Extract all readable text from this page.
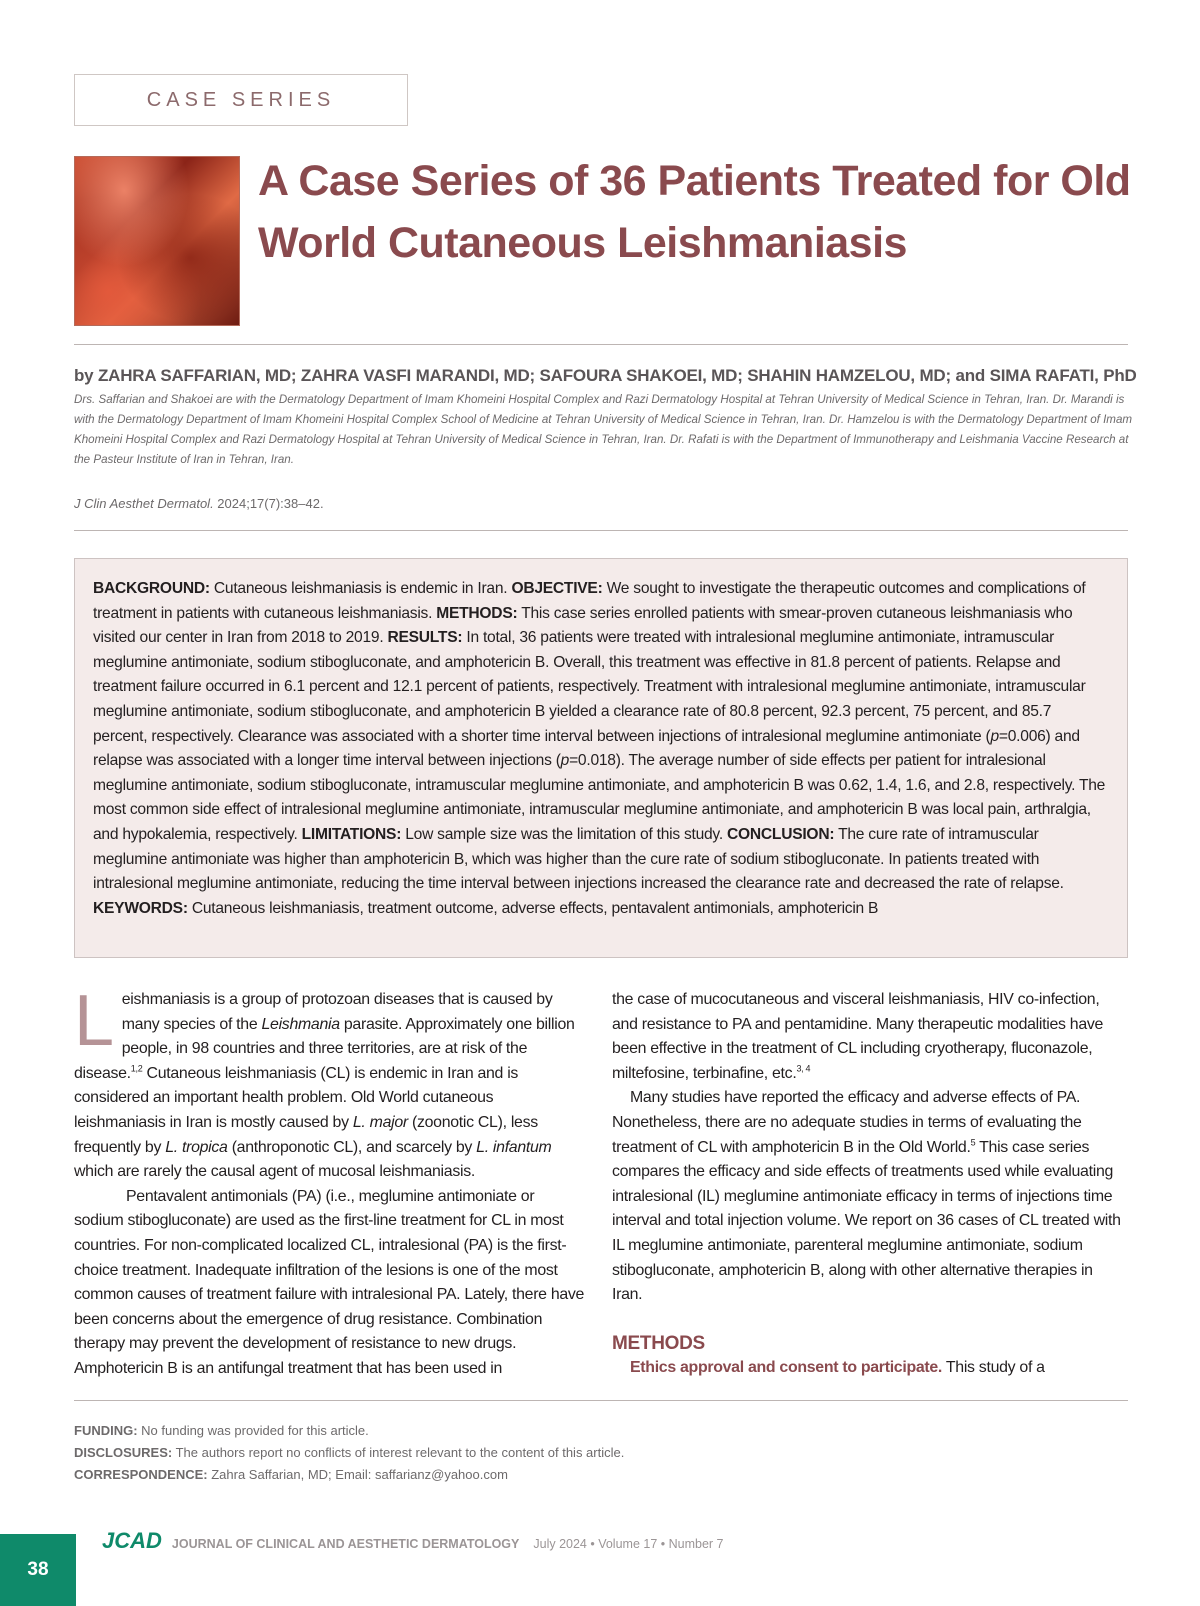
CASE SERIES
A Case Series of 36 Patients Treated for Old World Cutaneous Leishmaniasis
by ZAHRA SAFFARIAN, MD; ZAHRA VASFI MARANDI, MD; SAFOURA SHAKOEI, MD; SHAHIN HAMZELOU, MD; and SIMA RAFATI, PhD
Drs. Saffarian and Shakoei are with the Dermatology Department of Imam Khomeini Hospital Complex and Razi Dermatology Hospital at Tehran University of Medical Science in Tehran, Iran. Dr. Marandi is with the Dermatology Department of Imam Khomeini Hospital Complex School of Medicine at Tehran University of Medical Science in Tehran, Iran. Dr. Hamzelou is with the Dermatology Department of Imam Khomeini Hospital Complex and Razi Dermatology Hospital at Tehran University of Medical Science in Tehran, Iran. Dr. Rafati is with the Department of Immunotherapy and Leishmania Vaccine Research at the Pasteur Institute of Iran in Tehran, Iran.
J Clin Aesthet Dermatol. 2024;17(7):38–42.
BACKGROUND: Cutaneous leishmaniasis is endemic in Iran. OBJECTIVE: We sought to investigate the therapeutic outcomes and complications of treatment in patients with cutaneous leishmaniasis. METHODS: This case series enrolled patients with smear-proven cutaneous leishmaniasis who visited our center in Iran from 2018 to 2019. RESULTS: In total, 36 patients were treated with intralesional meglumine antimoniate, intramuscular meglumine antimoniate, sodium stibogluconate, and amphotericin B. Overall, this treatment was effective in 81.8 percent of patients. Relapse and treatment failure occurred in 6.1 percent and 12.1 percent of patients, respectively. Treatment with intralesional meglumine antimoniate, intramuscular meglumine antimoniate, sodium stibogluconate, and amphotericin B yielded a clearance rate of 80.8 percent, 92.3 percent, 75 percent, and 85.7 percent, respectively. Clearance was associated with a shorter time interval between injections of intralesional meglumine antimoniate (p=0.006) and relapse was associated with a longer time interval between injections (p=0.018). The average number of side effects per patient for intralesional meglumine antimoniate, sodium stibogluconate, intramuscular meglumine antimoniate, and amphotericin B was 0.62, 1.4, 1.6, and 2.8, respectively. The most common side effect of intralesional meglumine antimoniate, intramuscular meglumine antimoniate, and amphotericin B was local pain, arthralgia, and hypokalemia, respectively. LIMITATIONS: Low sample size was the limitation of this study. CONCLUSION: The cure rate of intramuscular meglumine antimoniate was higher than amphotericin B, which was higher than the cure rate of sodium stibogluconate. In patients treated with intralesional meglumine antimoniate, reducing the time interval between injections increased the clearance rate and decreased the rate of relapse. KEYWORDS: Cutaneous leishmaniasis, treatment outcome, adverse effects, pentavalent antimonials, amphotericin B

Leishmaniasis is a group of protozoan diseases that is caused by many species of the Leishmania parasite. Approximately one billion people, in 98 countries and three territories, are at risk of the disease.$^{1,2}$ Cutaneous leishmaniasis (CL) is endemic in Iran and is considered an important health problem. Old World cutaneous leishmaniasis in Iran is mostly caused by L. major (zoonotic CL), less frequently by L. tropica (anthroponotic CL), and scarcely by L. infantum which are rarely the causal agent of mucosal leishmaniasis.

Pentavalent antimonials (PA) (i.e., meglumine antimoniate or sodium stibogluconate) are used as the first-line treatment for CL in most countries. For non-complicated localized CL, intralesional (PA) is the first-choice treatment. Inadequate infiltration of the lesions is one of the most common causes of treatment failure with intralesional PA. Lately, there have been concerns about the emergence of drug resistance. Combination therapy may prevent the development of resistance to new drugs. Amphotericin B is an antifungal treatment that has been used in

the case of mucocutaneous and visceral leishmaniasis, HIV co-infection, and resistance to PA and pentamidine. Many therapeutic modalities have been effective in the treatment of CL including cryotherapy, fluconazole, miltefosine, terbinafine, etc.$^{3, 4}$

Many studies have reported the efficacy and adverse effects of PA. Nonetheless, there are no adequate studies in terms of evaluating the treatment of CL with amphotericin B in the Old World.$^5$ This case series compares the efficacy and side effects of treatments used while evaluating intralesional (IL) meglumine antimoniate efficacy in terms of injections time interval and total injection volume. We report on 36 cases of CL treated with IL meglumine antimoniate, parenteral meglumine antimoniate, sodium stibogluconate, amphotericin B, along with other alternative therapies in Iran.

METHODS

Ethics approval and consent to participate. This study of a

FUNDING: No funding was provided for this article.
DISCLOSURES: The authors report no conflicts of interest relevant to the content of this article.
CORRESPONDENCE: Zahra Saffarian, MD; Email: saffarianz@yahoo.com
38
JCAD JOURNAL OF CLINICAL AND AESTHETIC DERMATOLOGY July 2024 • Volume 17 • Number 7
